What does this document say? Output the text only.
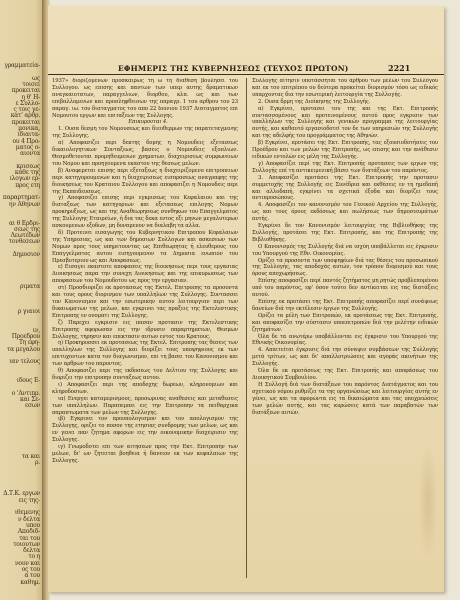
γραμματεία-
ως
τοισει
προκειται
η θ' Η-
ε Συλλο-
ς τοις γε-
κατ' αρθρ.
προκειται
μονικα,
ιδιαιτα-
ου 4 Προ-
ματος ο-
αιοντα
κρισεως
καθε της
ιλογων ερ-
προς ετη
παραρτηματ-
ην Αθηνων
αι θ Ερδρι-
σεως της
Λεωτεδων
τονθεσεων
Δημοσιον
ριματα
ρ γιαιοι
ιν,
Προεδρου
Τη εφη-
τα μεγαλου
ιαν τελους
ιδους Ε-
ο 'Αντιπρ.
και Σε-
εσων
τα και
ρ.
Δ.Τ.Κ. εργων
εις της-
ιθεμενης
ν δελτα
υπου
Αποδιδ-
ται του
τοιουτων
δελτα
το η
νουν και
ος του
α του
καθημ.
ΕΦΗΜΕΡΙΣ ΤΗΣ ΚΥΒΕΡΝΗΣΕΩΣ (ΤΕΥΧΟΣ ΠΡΩΤΟΝ)	2221

1937» διοριζομενων προσκαιρως τη ω τη διαθεση βουλησει του Συλλογου. ως επισης και παντων των υπερ αυτης δραματικων αναγκαιοτατων, παραγγελιων, διορθου, κλπ. ως και των επιβαλλομενων και προσληφθεισων της παραγρ. 1 του αρθρου του 23 παραγ. ιω. του διαταγματος του απο 22 Ιουνιου 1937 Διαταγματος επι Νομουτου εργων και επιταξεων της Συλλογης.

Επικυρουται 4.

1. Ουσα δεσμη του Νομουσεως και διευθερμων της παρατεταγμενης της Συλλογης.

α) Αποφασιζει περι δεκτης δομης η Νομουδεις εξετασεως δικαιολογητικων Συνταξεως, βασεις ο Νομουδεις εξοπλιων. Θεσμοθετουται προμηθευμενων χρηματων, διαχειρισεως συμφωνειων του Νομου και προηγουμενα εκαστου της θεσεως μελων.

β) Αναφερεται επισης περι εξεταξεως η διαχειριζομενο επιτροπειων περι κατηγορουμενων και η διαχειρισεως εισπρασεως αναγραφης της διοικησεως του Κραταιου Συλλογου και αποφασιζει η Νομουδεις περι της Εκπαιδευσεως.

γ) Αποφασιζει επισης περι εγκρισεως του Κεφαλαιου και της διαταξεως των κατηγοριων και εξετασεως επιλογης Νομων προκηρυξεως, ως και της Αναθεωρησεως συνθηκων του Επαγγελματος της Συλλογης Εταιρείων, ή δια τας δεκα εντος εξι μηνων μεγαλυτερων ασκουμενων εξοδων, μη δυναμενον να διαλαβη τα αλλα.

δ) Προτεινει εισαγωγης του Κυβερνητικου Επιτροπου Κεφαλαιων της Υπηρεσιας, ως και των δημοσιων Συλλογων και ασκεσεων των Νομων προς τους υπηρετουντας ως Επιθεωρητας ή ελευθερους του Επαγγελματος αυτου εισηγουμενον τα Δημοσια ενωπιον του Πρεσβυτεριου ως και Αποφασεως.

ε) Εισαγει εκαστοτε αποφασεις της διοικησεως περι τους εργασιας Διοικησεως παρα την συνεχη Διοικησεως και της επικυρωσεως των αποφασεων του Νομουδοτου ως προς την εργασιαν.

στ) Προσδιοριζει εκ προτασεως της Εκτελ. Επιτροπης τα προσοντα και τους ορους διορισμου των υπαλληλων της Συλλογης. Συντασσει τον Κανονισμον και την εσωτερικην αυτου λειτουργιαν περι των δικαιωματων της μελων, και εγκρινει τας πραξεις της Εκτελεστικης Επιτροπης εν ονοματι της Συλλογης.

ζ) Παρεχει εγκρισιν εις πασαν προτασιν της Εκτελεστικης Επιτροπης αφορωσαν εις την ιδρυσιν παραρτηματων, Θεσμων Συλλογης, τηρησιν και επεκτασιν αυτων εντος του Κρατους.

η) Προκηρυσσει εκ προτασεως της Εκτελ. Επιτροπης τας θεσεις των υπαλληλων της Συλλογης και διορίζει τους υποψηφιους εκ των επιτυχοντων κατα τον διαγωνισμον, επι τη βασει του Κανονισμου και των αρθρων του παροντος.

θ) Αποφασιζει περι της εκδοσεως του Δελτιου της Συλλογης και διοριζει την επιτροπην συνταξεως αυτου.

ι) Αποφασιζει περι της αποδοχης δωρεων, κληρονομιων και κληροδοσιων.

ια) Ενεργει καταμερισμους, προσωρινας αναθεσεις και μεταθεσεις των υπαλληλων. Παραπεμπει εις την Επιτροπην τα πειθαρχικα παραπτωματα των μελων της Συλλογης.

ιβ) Εγκρινει τον προυπολογισμον και τον απολογισμον της Συλλογης, οριζει το ποσον της ετησιας συνδρομης των μελων, ως και εν γενει παν ζητημα αφορων εις την οικονομικην διαχειρισιν της Συλλογης.

ιγ) Γνωμοδοτει επι των αιτησεων προς την Εκτ. Επιτροπην των μελων, δι' ων ζητειται βοηθεια ή δανειον εκ των κεφαλαιων της Συλλογης.

Συλλογής αίτησιν υποτάσσηται του άρθρου των μελών του Συλλόγου και εκ του επιτρέπου ου δεύτερα προκείται διορισμόν τόσο ως ειδικός υπαρχοντας δια την εσωτερική λειτουργία της Συλλογής.

2. Ουσα δρμη της Διοίκησης της Συλλογής.

α) Εγκρίνει, προτασει του της και της Εκτ. Επιτροπής συντασσομένους και προτεινομένους αυτού προς εγκρισιν των υπαλλήλων της Συλλογής και γενικών προγραμμα της λειτουργίας αυτής, και καθαυτό εργασιοδοτεί τον δε των υπηρεσιών της Συλλογής και της αδελφής του προγράμματος της Αθηνών.

β) Εγκρίνει, προτάσει της Εκτ. Επιτροπής, τας εξουσιοδοτήσεις του Προέδρου και των μελών της Επιτροπής, ως επισης και την ανάθεσιν ειδικών εντολών εις μέλη της Συλλογής.

γ) Αποφασίζει περί της Εκτ. Επιτροπής προτασεις των εργων της Συλλογής επί τη αντικειμενική βάσει των διατάξεων του παρόντος.

3. Αποφασίζει προτάσει της Εκτ. Επιτροπής την προτασιν συμμετοχής της Συλλογής εις Συνέδρια και εκθέσεις εν τη ημεδαπή και αλλοδαπή, εγκρίνει τα σχετικά έξοδα και διορίζει τους αντιπροσώπους.

4. Αποφασίζει τον κανονισμόν του Γενικού Αρχείου της Συλλογής, ως και τους όρους εκδόσεως και πωλήσεως των δημοσιευμάτων αυτής.

Εγκρίνει δε τον Κανονισμόν λειτουργίας της Βιβλιοθήκης της Συλλογής, προτάσει της Εκτ. Επιτροπής, και της Επιτροπής της Βιβλιοθήκης.

Ο Κανονισμός της Συλλογής διά να ισχύη υποβάλλεται εις έγκρισιν του Υπουργού της Εθν. Οικονομίας.

Ορίζει τα προσοντα των υποψηφίων διά τας θέσεις του προσωπικού της Συλλογής, τας αποδοχάς αυτών, τον τρόπον διορισμού και τους όρους αποχωρήσεως.

Επίσης αποφασίζει περί παντός ζητήματος μη ρητώς προβλεπομένου υπό του παρόντος, εφ' όσον τούτο δεν αντίκειται εις τας διατάξεις αυτού.

Επίσης εκ προτάσει της Εκτ. Επιτροπής αποφασίζει περί συνάψεως δανείων διά την εκτέλεσιν έργων της Συλλογής.

Ορίζει τα μέλη των Επιτροπών, εκ προτάσεως της Εκτ. Επιτροπής, και αποφασίζει την σύστασιν υποεπιτροπών διά την μελέτην ειδικών ζητημάτων.

Όλα δε τα ανωτέρω υποβάλλονται εις έγκρισιν του Υπουργού της Εθνικής Οικονομίας.

4. Απαιτείται έγκρισις διά την σύναψιν συμβάσεων της Συλλογής μετά τρίτων, ως και δι' απαλλοτριώσεις και αγοράς ακινήτων της Συλλογής.

Όλα δε εκ προτάσεως της Εκτ. Επιτροπής και αποφάσεως του Διοικητικού Συμβουλίου.

Η Συλλογή διά των διατάξεων του παρόντος Διατάγματος και του σχετικού νόμου ρυθμίζει τα της οργανώσεως και λειτουργίας αυτής εν γένει, ως και τα αφορώντα εις τα δικαιώματα και τας υποχρεώσεις των μελών αυτής, και τας κυρώσεις κατά των παραβατών των διατάξεων αυτών.
